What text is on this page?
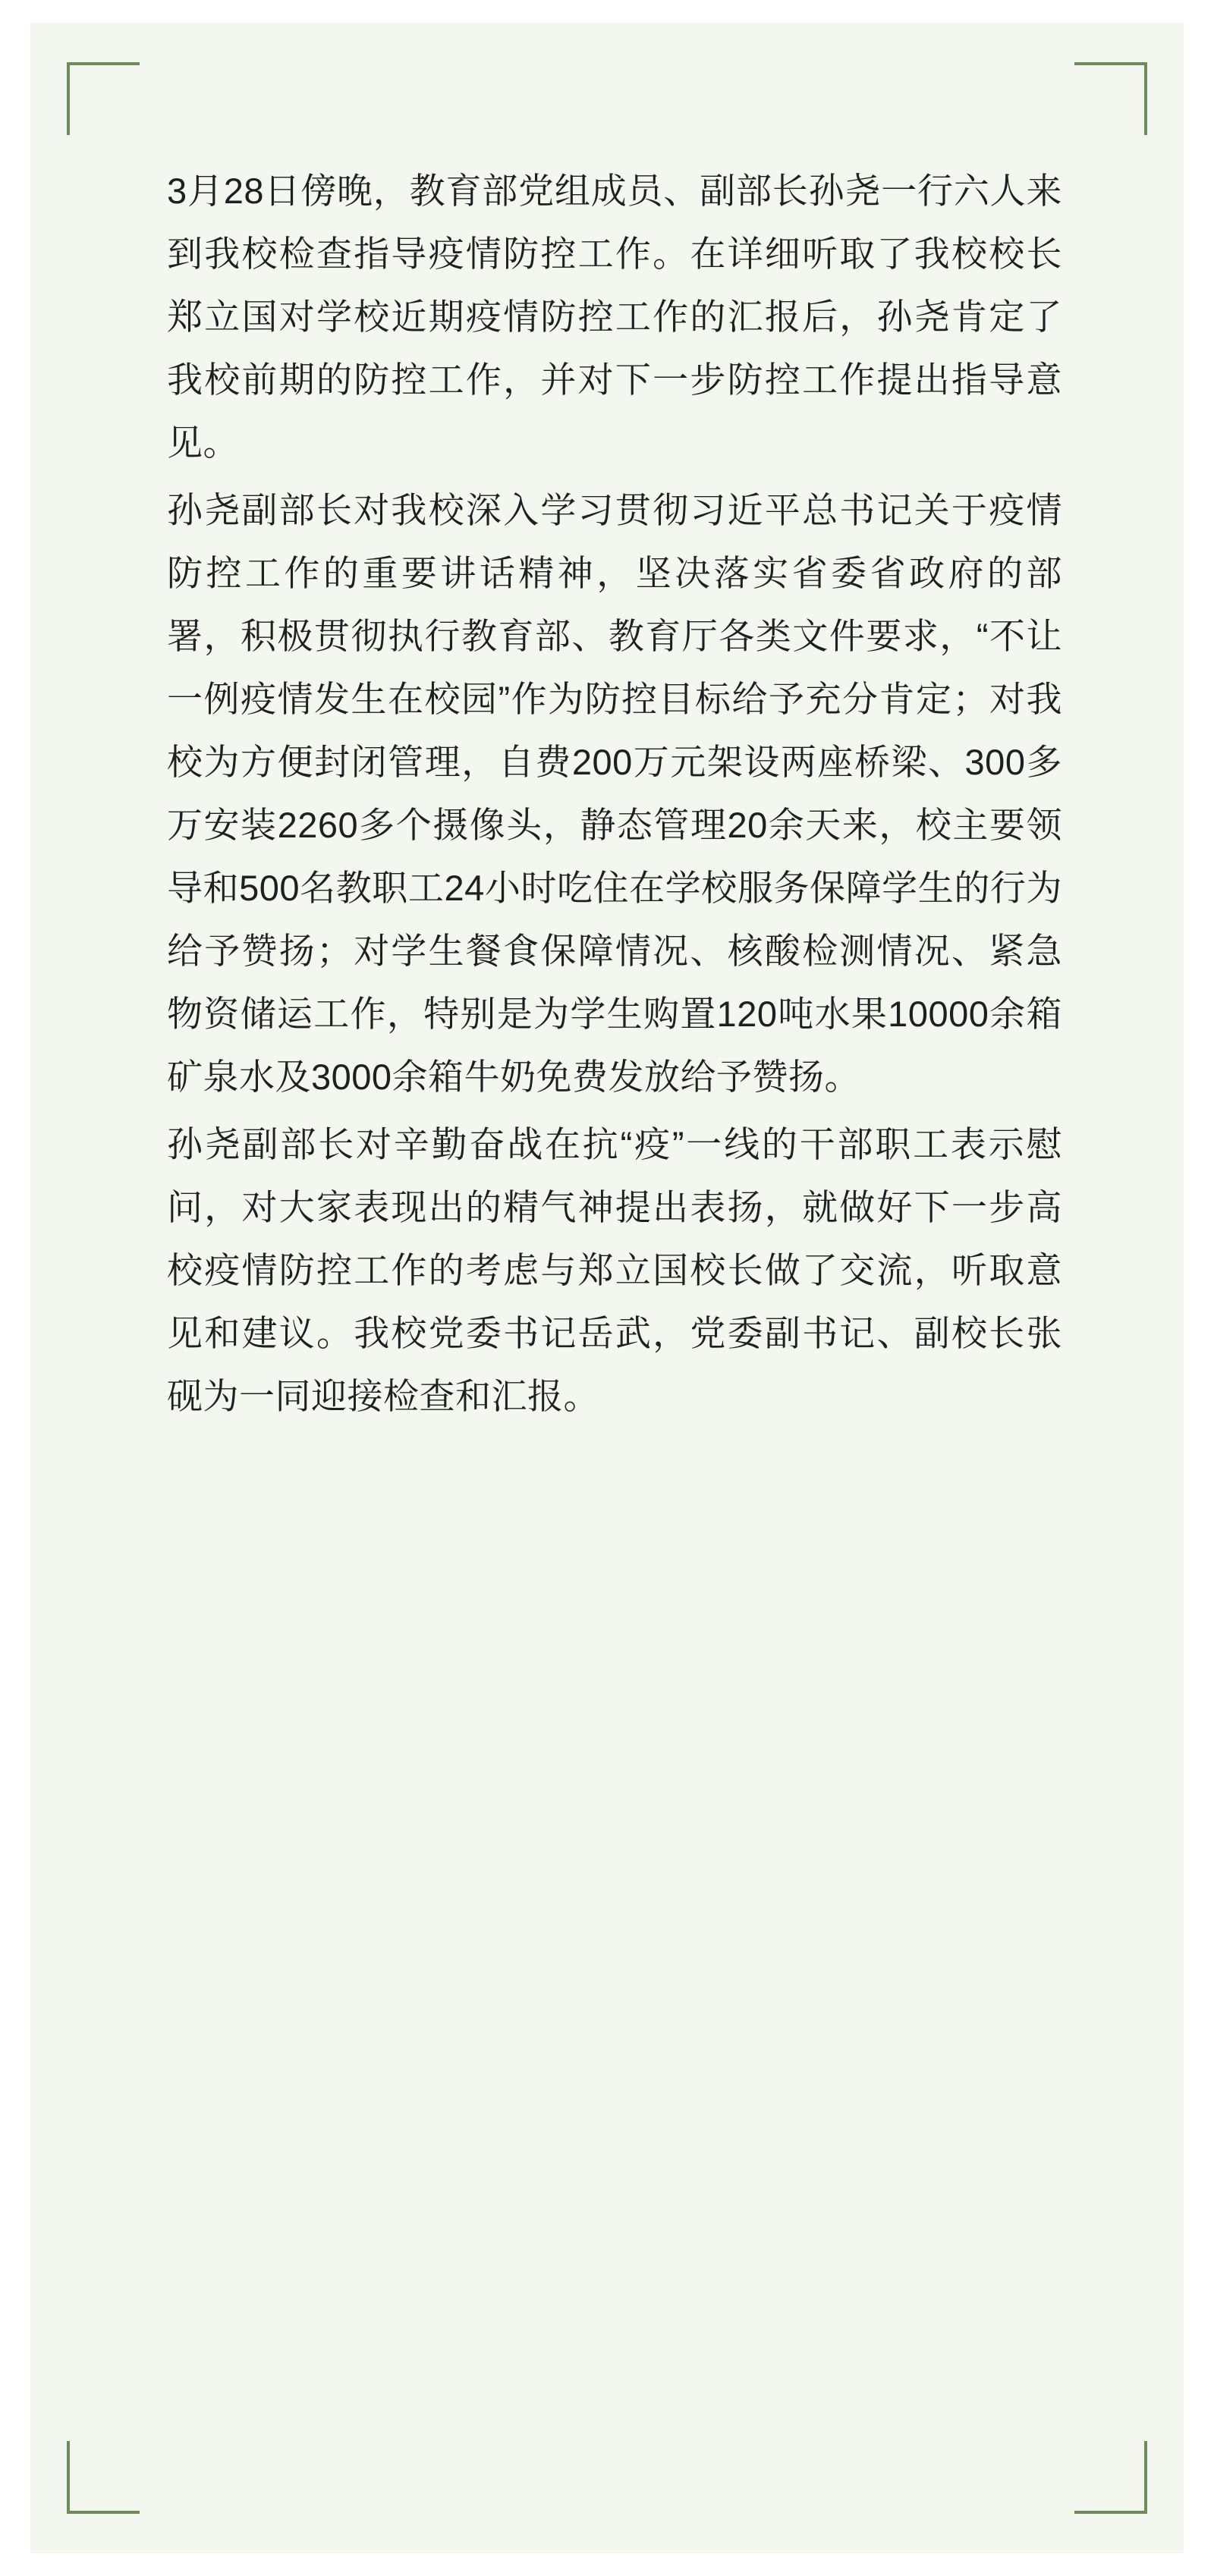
3月28日傍晚，教育部党组成员、副部长孙尧一行六人来到我校检查指导疫情防控工作。在详细听取了我校校长郑立国对学校近期疫情防控工作的汇报后，孙尧肯定了我校前期的防控工作，并对下一步防控工作提出指导意见。

孙尧副部长对我校深入学习贯彻习近平总书记关于疫情防控工作的重要讲话精神，坚决落实省委省政府的部署，积极贯彻执行教育部、教育厅各类文件要求，“不让一例疫情发生在校园”作为防控目标给予充分肯定；对我校为方便封闭管理，自费200万元架设两座桥梁、300多万安装2260多个摄像头，静态管理20余天来，校主要领导和500名教职工24小时吃住在学校服务保障学生的行为给予赞扬；对学生餐食保障情况、核酸检测情况、紧急物资储运工作，特别是为学生购置120吨水果10000余箱矿泉水及3000余箱牛奶免费发放给予赞扬。

孙尧副部长对辛勤奋战在抗“疫”一线的干部职工表示慰问，对大家表现出的精气神提出表扬，就做好下一步高校疫情防控工作的考虑与郑立国校长做了交流，听取意见和建议。我校党委书记岳武，党委副书记、副校长张砚为一同迎接检查和汇报。
